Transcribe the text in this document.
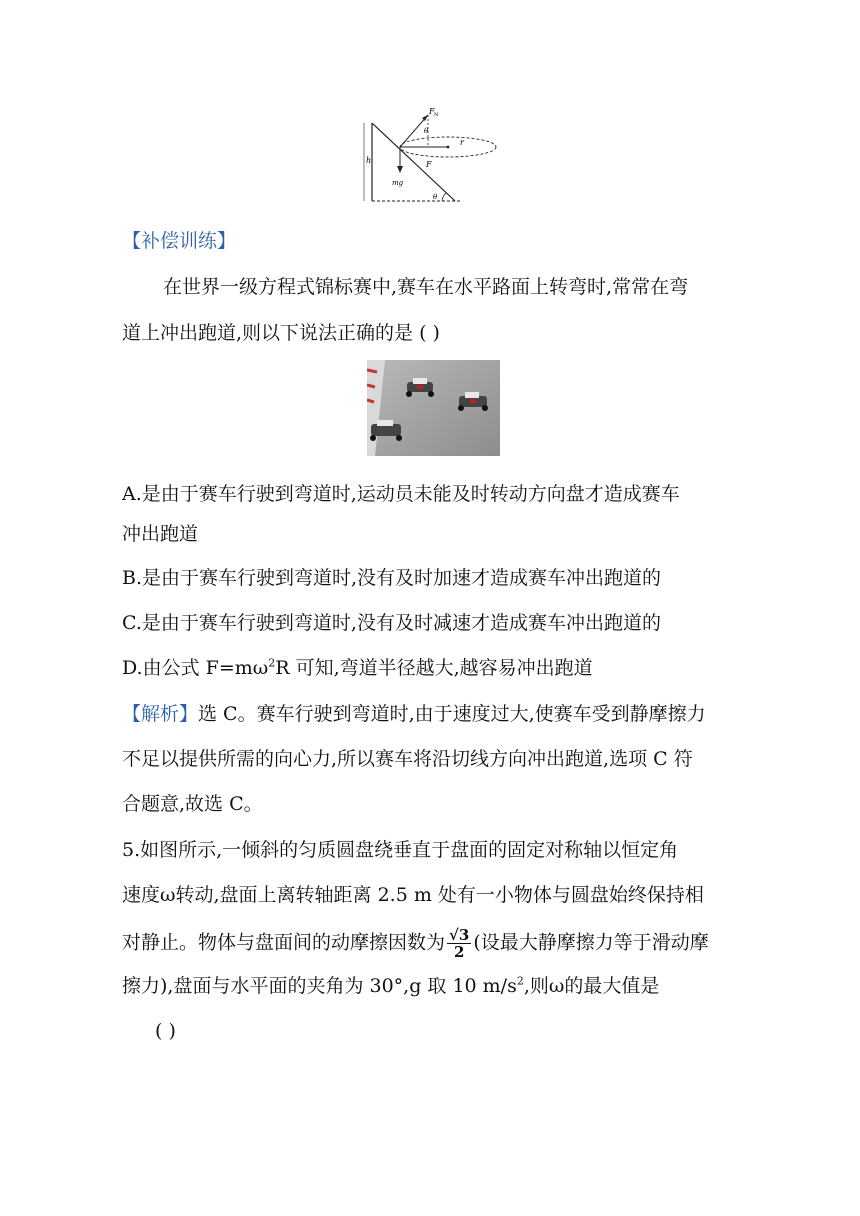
F N
θ
r
h
mg
F
θ
【补偿训练】
在世界一级方程式锦标赛中,赛车在水平路面上转弯时,常常在弯
道上冲出跑道,则以下说法正确的是 ( )
A.是由于赛车行驶到弯道时,运动员未能及时转动方向盘才造成赛车
冲出跑道
B.是由于赛车行驶到弯道时,没有及时加速才造成赛车冲出跑道的
C.是由于赛车行驶到弯道时,没有及时减速才造成赛车冲出跑道的
D.由公式 $F=m\omega^2R$ 可知,弯道半径越大,越容易冲出跑道
【解析】选 C。赛车行驶到弯道时,由于速度过大,使赛车受到静摩擦力
不足以提供所需的向心力,所以赛车将沿切线方向冲出跑道,选项 C 符
合题意,故选 C。
5.如图所示,一倾斜的匀质圆盘绕垂直于盘面的固定对称轴以恒定角
速度ω转动,盘面上离转轴距离 2.5 m 处有一小物体与圆盘始终保持相
对静止。物体与盘面间的动摩擦因数为 $\frac{√3}{2}$ (设最大静摩擦力等于滑动摩
擦力),盘面与水平面的夹角为 30°,g 取 10 $m/s^2$,则ω的最大值是
( )
